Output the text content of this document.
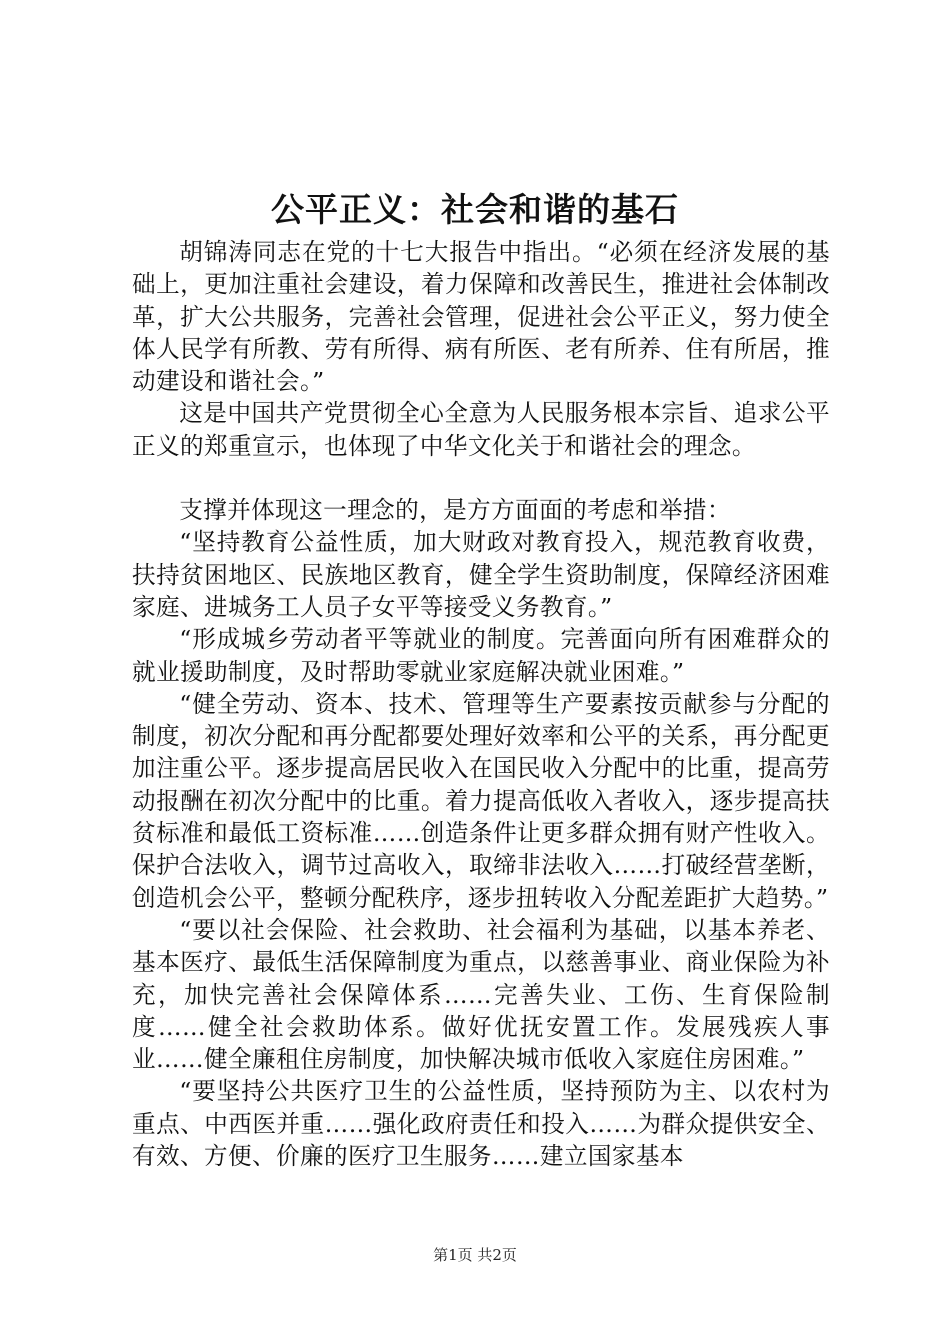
公平正义：社会和谐的基石

胡锦涛同志在党的十七大报告中指出。“必须在经济发展的基础上，更加注重社会建设，着力保障和改善民生，推进社会体制改革，扩大公共服务，完善社会管理，促进社会公平正义，努力使全体人民学有所教、劳有所得、病有所医、老有所养、住有所居，推动建设和谐社会。”

这是中国共产党贯彻全心全意为人民服务根本宗旨、追求公平正义的郑重宣示，也体现了中华文化关于和谐社会的理念。

支撑并体现这一理念的，是方方面面的考虑和举措：

“坚持教育公益性质，加大财政对教育投入，规范教育收费，扶持贫困地区、民族地区教育，健全学生资助制度，保障经济困难家庭、进城务工人员子女平等接受义务教育。”

“形成城乡劳动者平等就业的制度。完善面向所有困难群众的就业援助制度，及时帮助零就业家庭解决就业困难。”

“健全劳动、资本、技术、管理等生产要素按贡献参与分配的制度，初次分配和再分配都要处理好效率和公平的关系，再分配更加注重公平。逐步提高居民收入在国民收入分配中的比重，提高劳动报酬在初次分配中的比重。着力提高低收入者收入，逐步提高扶贫标准和最低工资标准……创造条件让更多群众拥有财产性收入。保护合法收入，调节过高收入，取缔非法收入……打破经营垄断，创造机会公平，整顿分配秩序，逐步扭转收入分配差距扩大趋势。”

“要以社会保险、社会救助、社会福利为基础，以基本养老、基本医疗、最低生活保障制度为重点，以慈善事业、商业保险为补充，加快完善社会保障体系……完善失业、工伤、生育保险制度……健全社会救助体系。做好优抚安置工作。发展残疾人事业……健全廉租住房制度，加快解决城市低收入家庭住房困难。”

“要坚持公共医疗卫生的公益性质，坚持预防为主、以农村为重点、中西医并重……强化政府责任和投入……为群众提供安全、有效、方便、价廉的医疗卫生服务……建立国家基本

第1页 共2页
